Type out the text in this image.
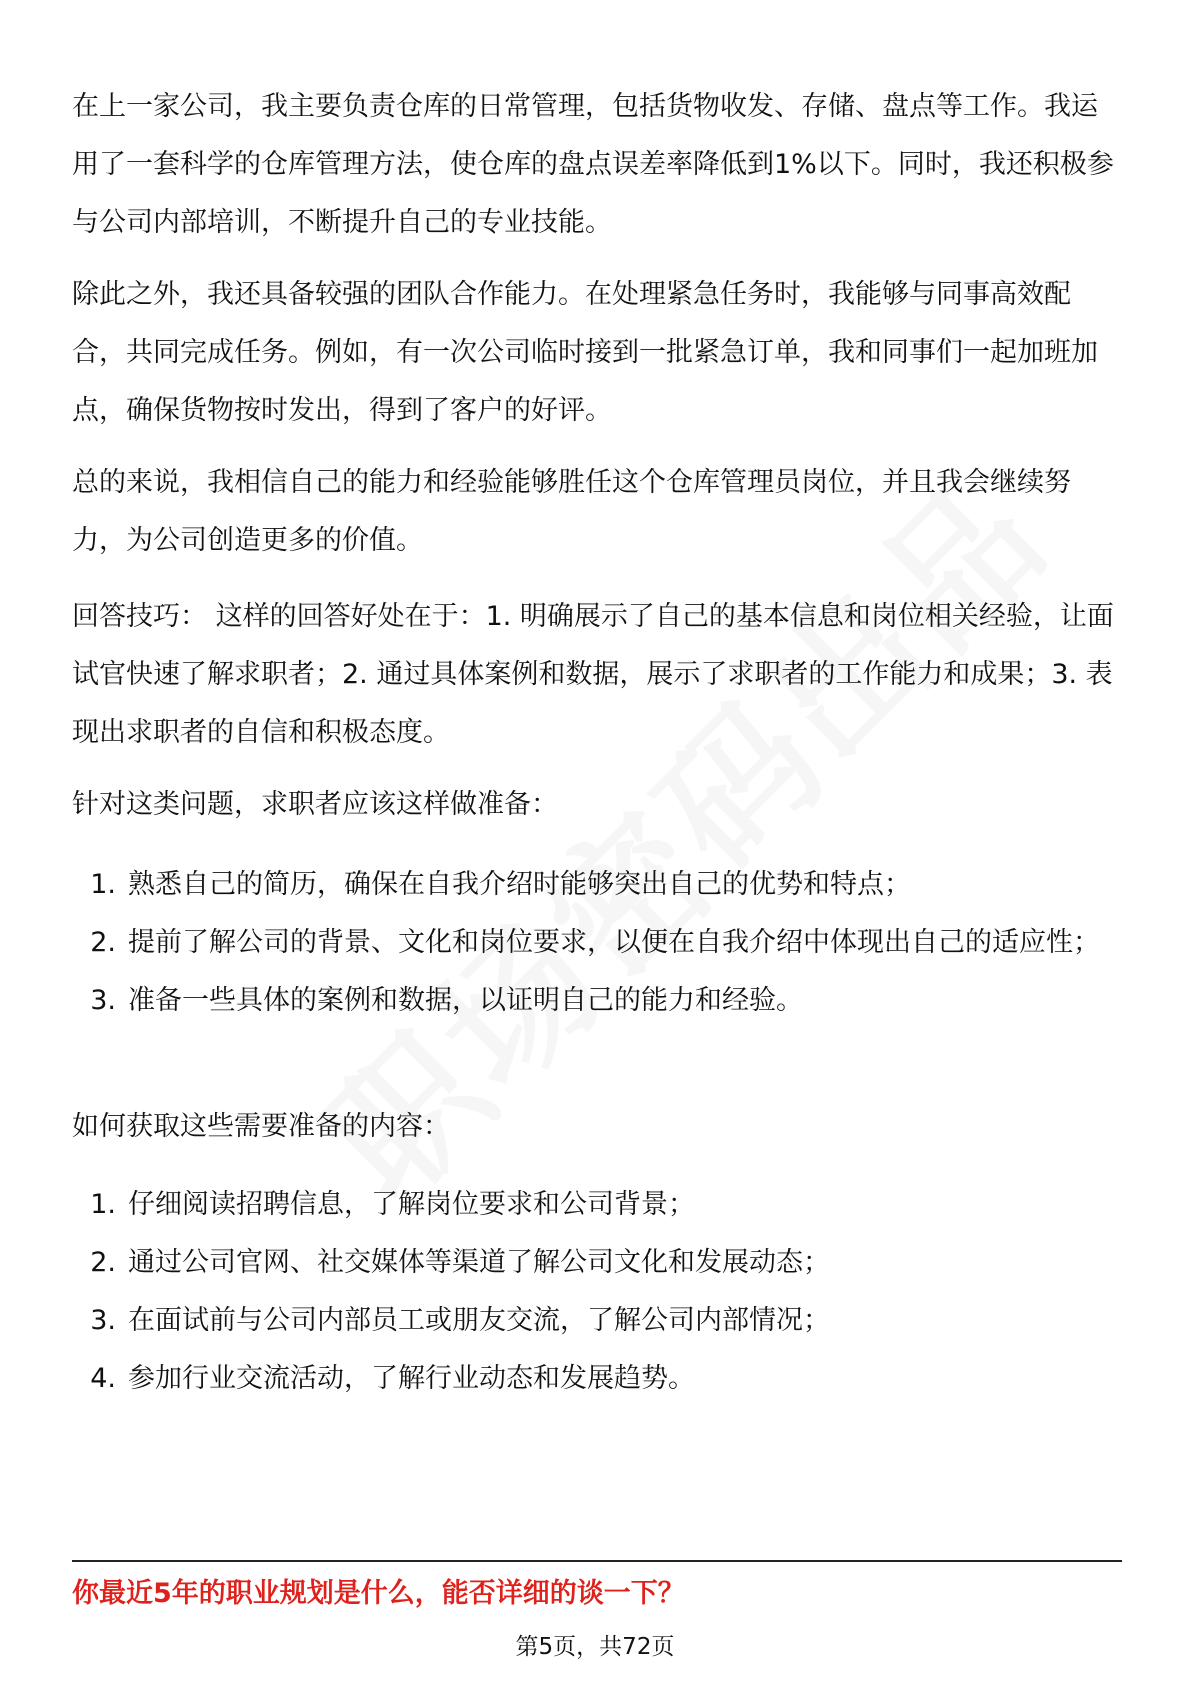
在上一家公司，我主要负责仓库的日常管理，包括货物收发、存储、盘点等工作。我运用了一套科学的仓库管理方法，使仓库的盘点误差率降低到1%以下。同时，我还积极参与公司内部培训，不断提升自己的专业技能。

除此之外，我还具备较强的团队合作能力。在处理紧急任务时，我能够与同事高效配合，共同完成任务。例如，有一次公司临时接到一批紧急订单，我和同事们一起加班加点，确保货物按时发出，得到了客户的好评。

总的来说，我相信自己的能力和经验能够胜任这个仓库管理员岗位，并且我会继续努力，为公司创造更多的价值。

回答技巧： 这样的回答好处在于：1. 明确展示了自己的基本信息和岗位相关经验，让面试官快速了解求职者；2. 通过具体案例和数据，展示了求职者的工作能力和成果；3. 表现出求职者的自信和积极态度。

针对这类问题，求职者应该这样做准备：

1. 熟悉自己的简历，确保在自我介绍时能够突出自己的优势和特点；
2. 提前了解公司的背景、文化和岗位要求，以便在自我介绍中体现出自己的适应性；
3. 准备一些具体的案例和数据，以证明自己的能力和经验。

如何获取这些需要准备的内容：

1. 仔细阅读招聘信息，了解岗位要求和公司背景；
2. 通过公司官网、社交媒体等渠道了解公司文化和发展动态；
3. 在面试前与公司内部员工或朋友交流，了解公司内部情况；
4. 参加行业交流活动，了解行业动态和发展趋势。
你最近5年的职业规划是什么，能否详细的谈一下？
第5页，共72页
